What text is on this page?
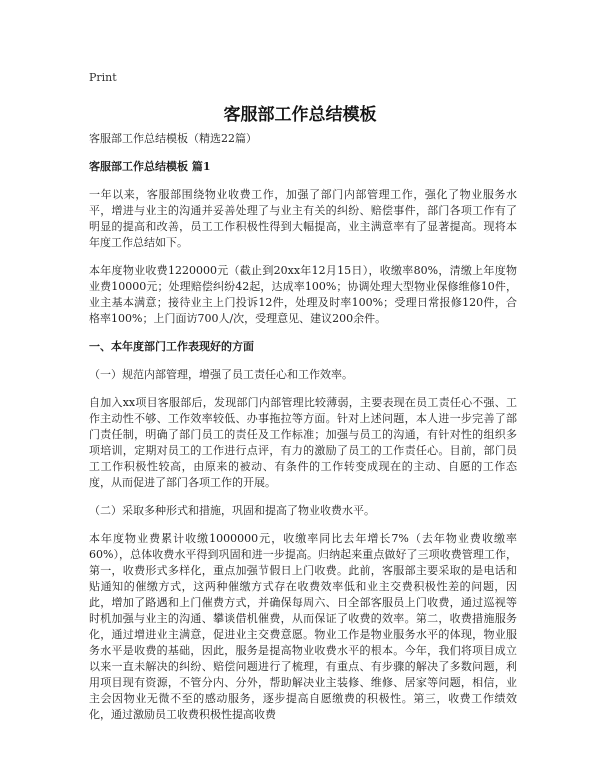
Print
客服部工作总结模板

客服部工作总结模板（精选22篇）

客服部工作总结模板 篇1

一年以来，客服部围绕物业收费工作，加强了部门内部管理工作，强化了物业服务水平，增进与业主的沟通并妥善处理了与业主有关的纠纷、赔偿事件，部门各项工作有了明显的提高和改善，员工工作积极性得到大幅提高，业主满意率有了显著提高。现将本年度工作总结如下。

本年度物业收费1220000元（截止到20xx年12月15日），收缴率80%，清缴上年度物业费10000元；处理赔偿纠纷42起，达成率100%；协调处理大型物业保修维修10件，业主基本满意；接待业主上门投诉12件，处理及时率100%；受理日常报修120件，合格率100%；上门面访700人/次，受理意见、建议200余件。

一、本年度部门工作表现好的方面

（一）规范内部管理，增强了员工责任心和工作效率。

自加入xx项目客服部后，发现部门内部管理比较薄弱，主要表现在员工责任心不强、工作主动性不够、工作效率较低、办事拖拉等方面。针对上述问题，本人进一步完善了部门责任制，明确了部门员工的责任及工作标准；加强与员工的沟通，有针对性的组织多项培训，定期对员工的工作进行点评，有力的激励了员工的工作责任心。目前，部门员工工作积极性较高，由原来的被动、有条件的工作转变成现在的主动、自愿的工作态度，从而促进了部门各项工作的开展。

（二）采取多种形式和措施，巩固和提高了物业收费水平。

本年度物业费累计收缴1000000元，收缴率同比去年增长7%（去年物业费收缴率60%），总体收费水平得到巩固和进一步提高。归纳起来重点做好了三项收费管理工作，第一，收费形式多样化，重点加强节假日上门收费。此前，客服部主要采取的是电话和贴通知的催缴方式，这两种催缴方式存在收费效率低和业主交费积极性差的问题，因此，增加了路遇和上门催费方式，并确保每周六、日全部客服员上门收费，通过巡视等时机加强与业主的沟通、攀谈借机催费，从而保证了收费的效率。第二，收费措施服务化，通过增进业主满意，促进业主交费意愿。物业工作是物业服务水平的体现，物业服务水平是收费的基础，因此，服务是提高物业收费水平的根本。今年，我们将项目成立以来一直未解决的纠纷、赔偿问题进行了梳理，有重点、有步骤的解决了多数问题，利用项目现有资源，不管分内、分外，帮助解决业主装修、维修、居家等问题，相信，业主会因物业无微不至的感动服务，逐步提高自愿缴费的积极性。第三，收费工作绩效化，通过激励员工收费积极性提高收费
